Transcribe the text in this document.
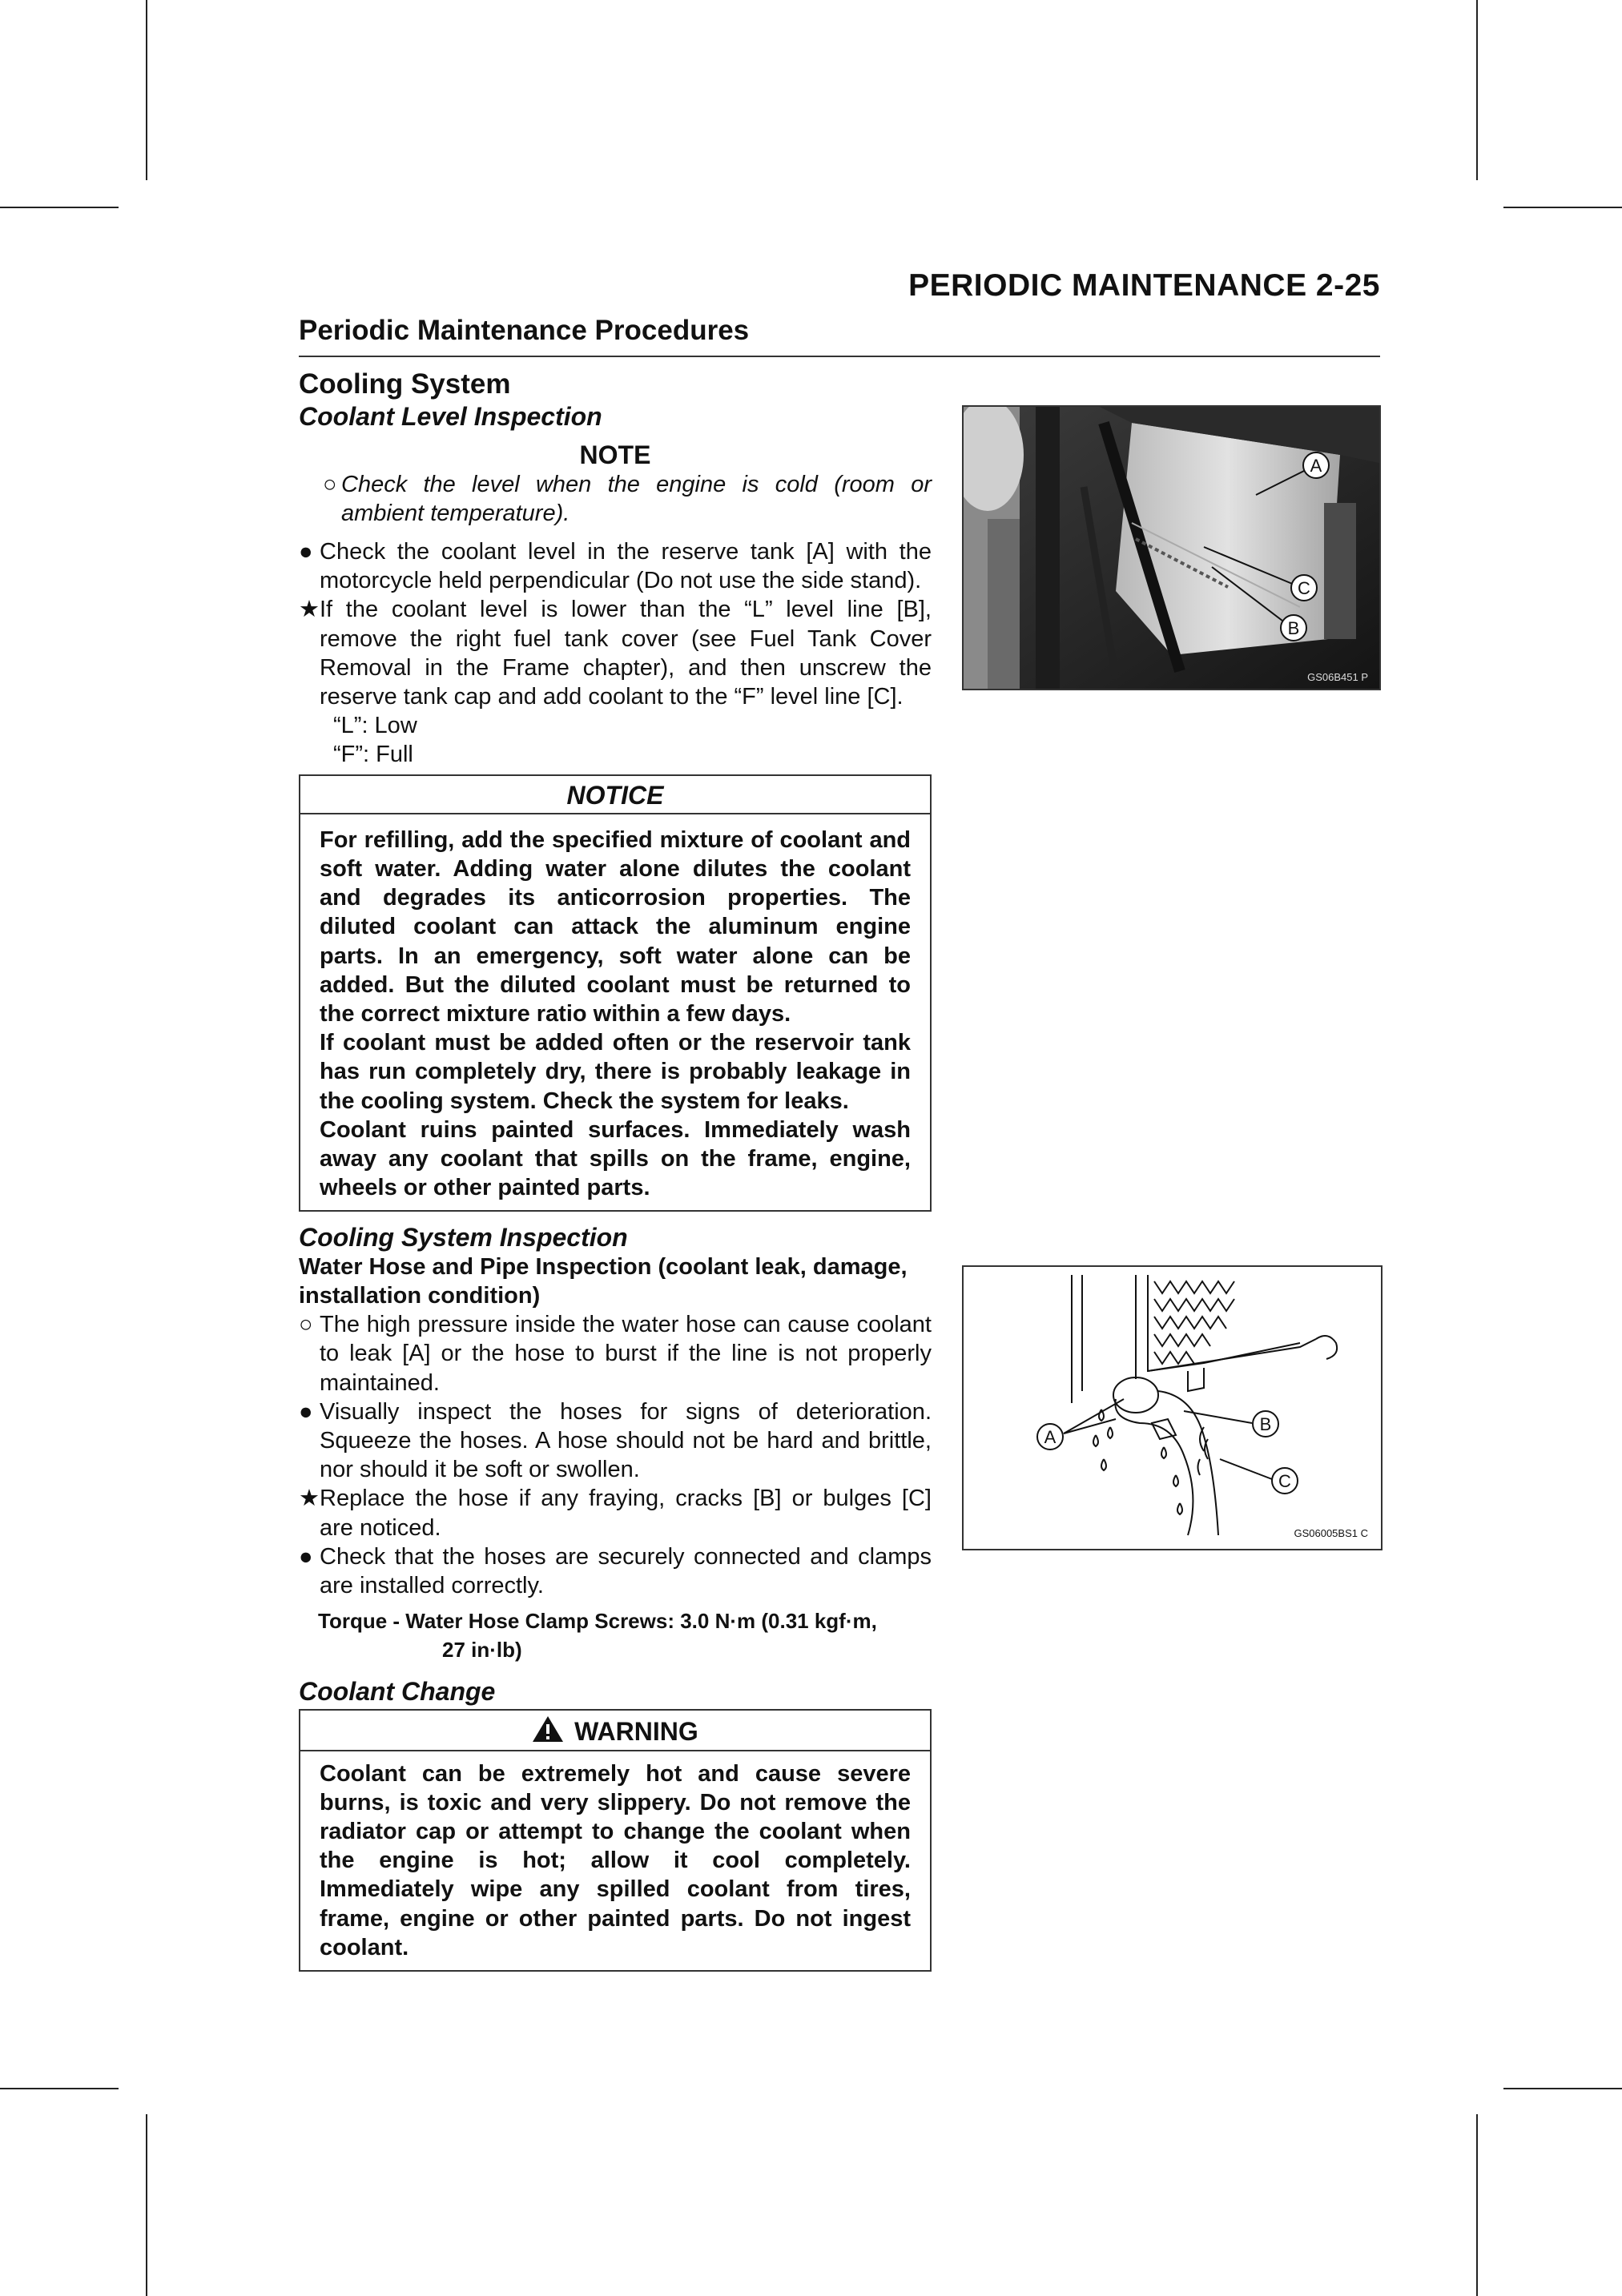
PERIODIC MAINTENANCE 2-25
Periodic Maintenance Procedures
Cooling System
Coolant Level Inspection
NOTE
○ Check the level when the engine is cold (room or ambient temperature).
● Check the coolant level in the reserve tank [A] with the motorcycle held perpendicular (Do not use the side stand).
★ If the coolant level is lower than the “L” level line [B], remove the right fuel tank cover (see Fuel Tank Cover Removal in the Frame chapter), and then unscrew the reserve tank cap and add coolant to the “F” level line [C].
“L”: Low
“F”: Full
NOTICE
For refilling, add the specified mixture of coolant and soft water. Adding water alone dilutes the coolant and degrades its anticorrosion properties. The diluted coolant can attack the aluminum engine parts. In an emergency, soft water alone can be added. But the diluted coolant must be returned to the correct mixture ratio within a few days.
If coolant must be added often or the reservoir tank has run completely dry, there is probably leakage in the cooling system. Check the system for leaks.
Coolant ruins painted surfaces. Immediately wash away any coolant that spills on the frame, engine, wheels or other painted parts.
Cooling System Inspection
Water Hose and Pipe Inspection (coolant leak, damage, installation condition)
○ The high pressure inside the water hose can cause coolant to leak [A] or the hose to burst if the line is not properly maintained.
● Visually inspect the hoses for signs of deterioration. Squeeze the hoses. A hose should not be hard and brittle, nor should it be soft or swollen.
★ Replace the hose if any fraying, cracks [B] or bulges [C] are noticed.
● Check that the hoses are securely connected and clamps are installed correctly.
Torque - Water Hose Clamp Screws: 3.0 N·m (0.31 kgf·m,
27 in·lb)
Coolant Change
WARNING
Coolant can be extremely hot and cause severe burns, is toxic and very slippery. Do not remove the radiator cap or attempt to change the coolant when the engine is hot; allow it cool completely. Immediately wipe any spilled coolant from tires, frame, engine or other painted parts. Do not ingest coolant.
A
C
B
GS06B451 P
A
B
C
GS06005BS1 C
